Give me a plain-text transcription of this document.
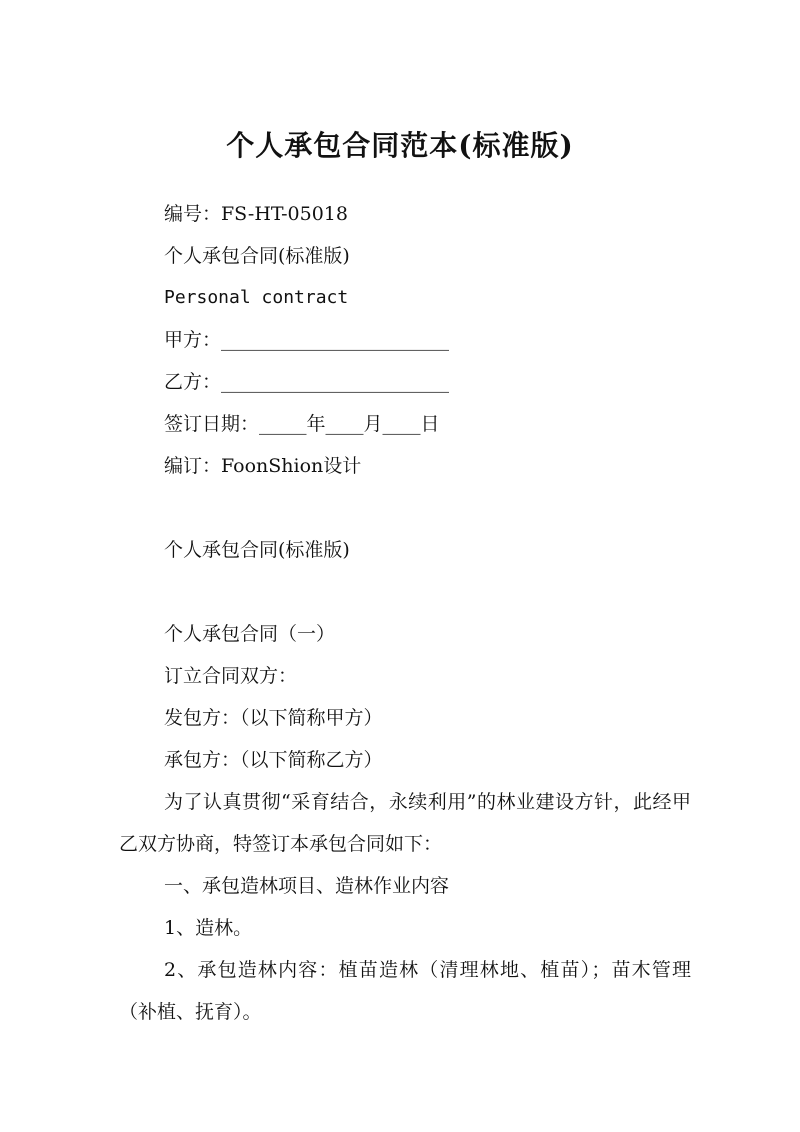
个人承包合同范本(标准版)
编号：FS-HT-05018
个人承包合同(标准版)
Personal contract
甲方：________________________
乙方：________________________
签订日期：_____年____月____日
编订：FoonShion设计
个人承包合同(标准版)
个人承包合同（一）
订立合同双方：
发包方：（以下简称甲方）
承包方：（以下简称乙方）
为了认真贯彻“采育结合，永续利用”的林业建设方针，此经甲乙双方协商，特签订本承包合同如下：
一、承包造林项目、造林作业内容
1、造林。
2、承包造林内容：植苗造林（清理林地、植苗）；苗木管理（补植、抚育）。
